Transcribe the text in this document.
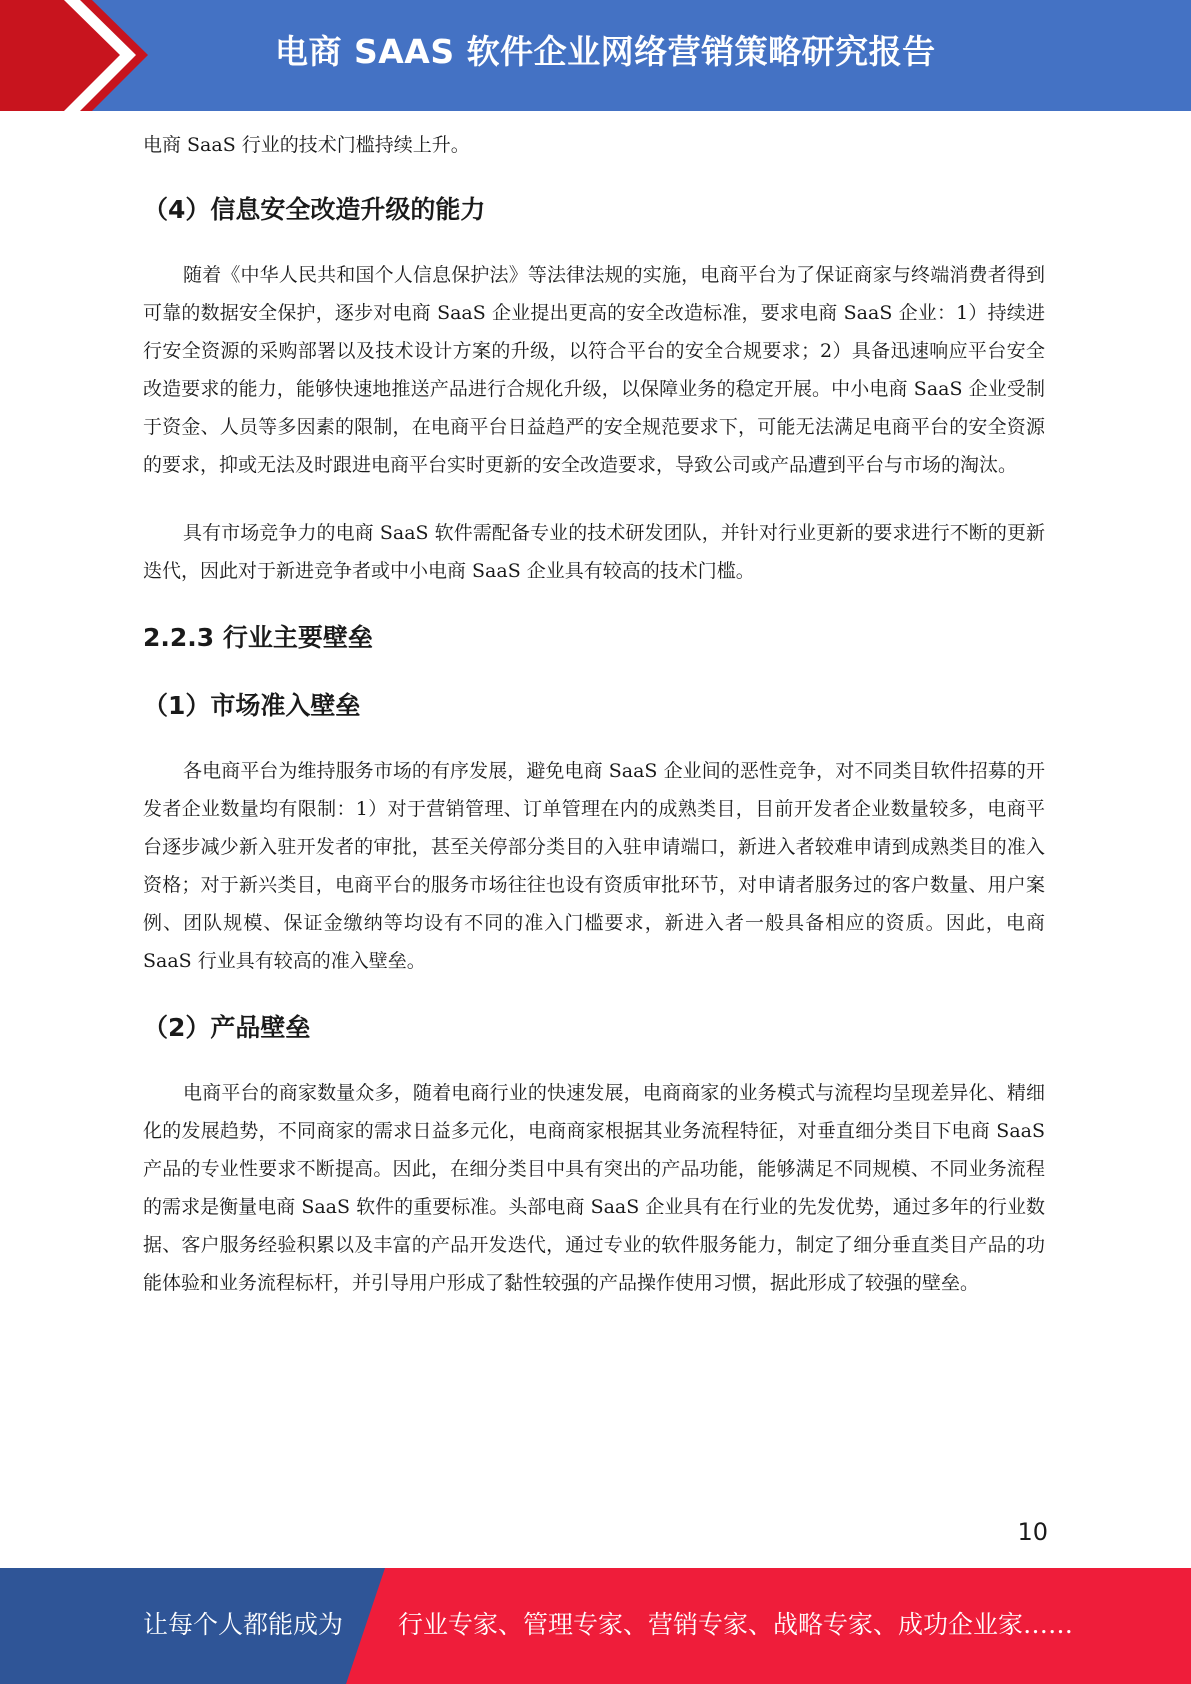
电商 SAAS 软件企业网络营销策略研究报告

电商 SaaS 行业的技术门槛持续上升。

（4）信息安全改造升级的能力

随着《中华人民共和国个人信息保护法》等法律法规的实施，电商平台为了保证商家与终端消费者得到可靠的数据安全保护，逐步对电商 SaaS 企业提出更高的安全改造标准，要求电商 SaaS 企业：1）持续进行安全资源的采购部署以及技术设计方案的升级，以符合平台的安全合规要求；2）具备迅速响应平台安全改造要求的能力，能够快速地推送产品进行合规化升级，以保障业务的稳定开展。中小电商 SaaS 企业受制于资金、人员等多因素的限制，在电商平台日益趋严的安全规范要求下，可能无法满足电商平台的安全资源的要求，抑或无法及时跟进电商平台实时更新的安全改造要求，导致公司或产品遭到平台与市场的淘汰。

具有市场竞争力的电商 SaaS 软件需配备专业的技术研发团队，并针对行业更新的要求进行不断的更新迭代，因此对于新进竞争者或中小电商 SaaS 企业具有较高的技术门槛。

2.2.3 行业主要壁垒
（1）市场准入壁垒

各电商平台为维持服务市场的有序发展，避免电商 SaaS 企业间的恶性竞争，对不同类目软件招募的开发者企业数量均有限制：1）对于营销管理、订单管理在内的成熟类目，目前开发者企业数量较多，电商平台逐步减少新入驻开发者的审批，甚至关停部分类目的入驻申请端口，新进入者较难申请到成熟类目的准入资格；对于新兴类目，电商平台的服务市场往往也设有资质审批环节，对申请者服务过的客户数量、用户案例、团队规模、保证金缴纳等均设有不同的准入门槛要求，新进入者一般具备相应的资质。因此，电商 SaaS 行业具有较高的准入壁垒。

（2）产品壁垒

电商平台的商家数量众多，随着电商行业的快速发展，电商商家的业务模式与流程均呈现差异化、精细化的发展趋势，不同商家的需求日益多元化，电商商家根据其业务流程特征，对垂直细分类目下电商 SaaS 产品的专业性要求不断提高。因此，在细分类目中具有突出的产品功能，能够满足不同规模、不同业务流程的需求是衡量电商 SaaS 软件的重要标准。头部电商 SaaS 企业具有在行业的先发优势，通过多年的行业数据、客户服务经验积累以及丰富的产品开发迭代，通过专业的软件服务能力，制定了细分垂直类目产品的功能体验和业务流程标杆，并引导用户形成了黏性较强的产品操作使用习惯，据此形成了较强的壁垒。

10
让每个人都能成为 行业专家、管理专家、营销专家、战略专家、成功企业家……
